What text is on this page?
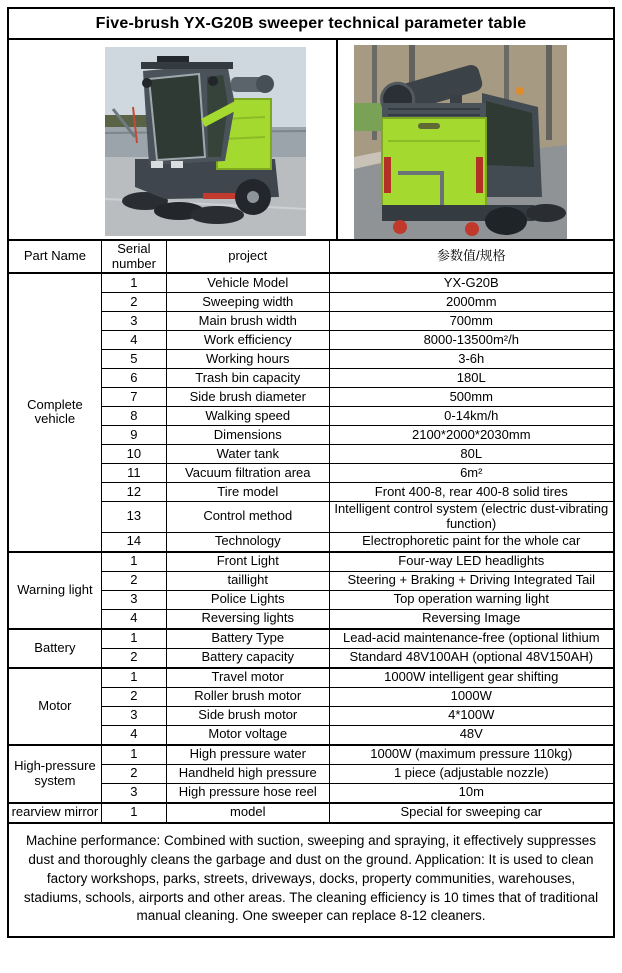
Five-brush YX-G20B sweeper technical parameter table
Part Name	Serial number	project	参数值/规格
Complete vehicle	1	Vehicle Model	YX-G20B
	2	Sweeping width	2000mm
	3	Main brush width	700mm
	4	Work efficiency	8000-13500m²/h
	5	Working hours	3-6h
	6	Trash bin capacity	180L
	7	Side brush diameter	500mm
	8	Walking speed	0-14km/h
	9	Dimensions	2100*2000*2030mm
	10	Water tank	80L
	11	Vacuum filtration area	6m²
	12	Tire model	Front 400-8, rear 400-8 solid tires
	13	Control method	Intelligent control system (electric dust-vibrating function)
	14	Technology	Electrophoretic paint for the whole car
Warning light	1	Front Light	Four-way LED headlights
	2	taillight	Steering + Braking + Driving Integrated Tail
	3	Police Lights	Top operation warning light
	4	Reversing lights	Reversing Image
Battery	1	Battery Type	Lead-acid maintenance-free (optional lithium
	2	Battery capacity	Standard 48V100AH (optional 48V150AH)
Motor	1	Travel motor	1000W intelligent gear shifting
	2	Roller brush motor	1000W
	3	Side brush motor	4*100W
	4	Motor voltage	48V
High-pressure system	1	High pressure water	1000W (maximum pressure 110kg)
	2	Handheld high pressure	1 piece (adjustable nozzle)
	3	High pressure hose reel	10m
rearview mirror	1	model	Special for sweeping car
Machine performance: Combined with suction, sweeping and spraying, it effectively suppresses dust and thoroughly cleans the garbage and dust on the ground. Application: It is used to clean factory workshops, parks, streets, driveways, docks, property communities, warehouses, stadiums, schools, airports and other areas. The cleaning efficiency is 10 times that of traditional manual cleaning. One sweeper can replace 8-12 cleaners.
